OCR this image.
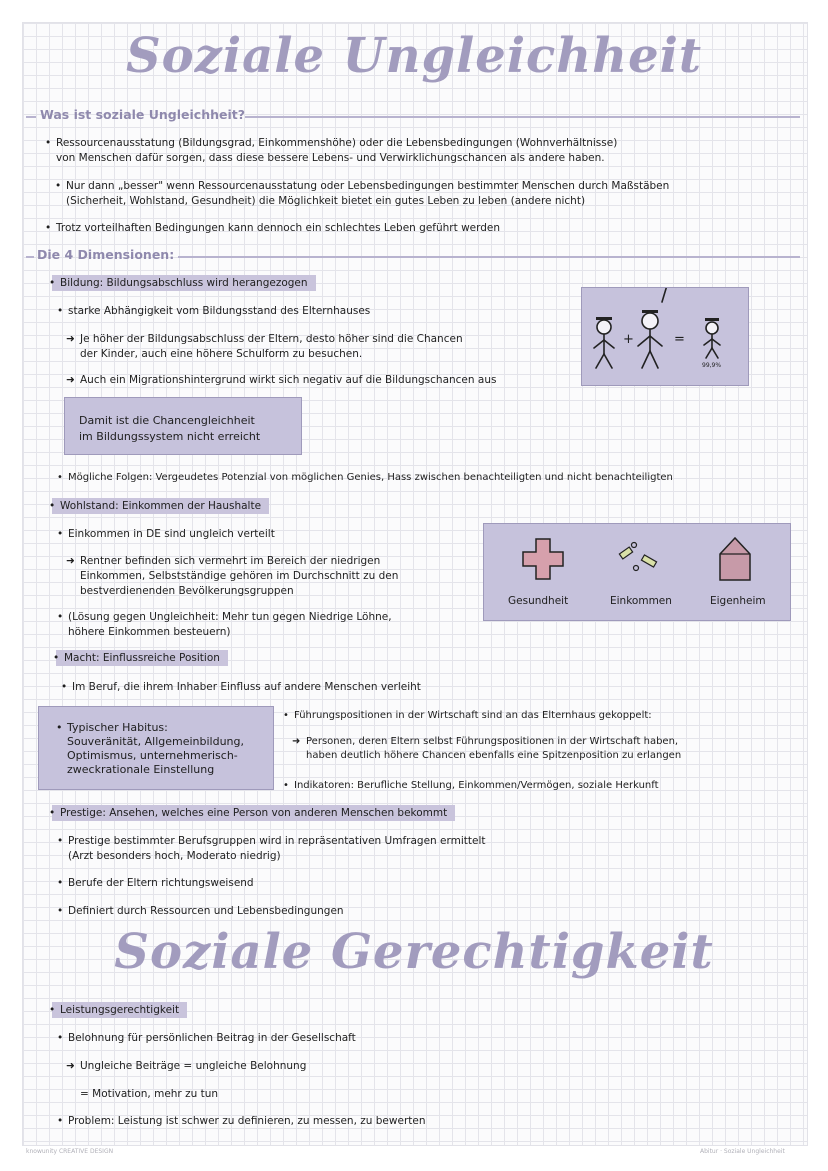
Soziale Ungleichheit
Was ist soziale Ungleichheit?
• Ressourcenausstatung (Bildungsgrad, Einkommenshöhe) oder die Lebensbedingungen (Wohnverhältnisse)
von Menschen dafür sorgen, dass diese bessere Lebens- und Verwirklichungschancen als andere haben.
• Nur dann „besser" wenn Ressourcenausstatung oder Lebensbedingungen bestimmter Menschen durch Maßstäben
(Sicherheit, Wohlstand, Gesundheit) die Möglichkeit bietet ein gutes Leben zu leben (andere nicht)
• Trotz vorteilhaften Bedingungen kann dennoch ein schlechtes Leben geführt werden
Die 4 Dimensionen:
• Bildung: Bildungsabschluss wird herangezogen
• starke Abhängigkeit vom Bildungsstand des Elternhauses
➜ Je höher der Bildungsabschluss der Eltern, desto höher sind die Chancen
der Kinder, auch eine höhere Schulform zu besuchen.
➜ Auch ein Migrationshintergrund wirkt sich negativ auf die Bildungschancen aus
Damit ist die Chancengleichheit
im Bildungssystem nicht erreicht
+	=
99,9%
• Mögliche Folgen: Vergeudetes Potenzial von möglichen Genies, Hass zwischen benachteiligten und nicht benachteiligten
• Wohlstand: Einkommen der Haushalte
• Einkommen in DE sind ungleich verteilt
➜ Rentner befinden sich vermehrt im Bereich der niedrigen
Einkommen, Selbstständige gehören im Durchschnitt zu den
bestverdienenden Bevölkerungsgruppen
• (Lösung gegen Ungleichheit: Mehr tun gegen Niedrige Löhne,
höhere Einkommen besteuern)
Gesundheit	Einkommen	Eigenheim
• Macht: Einflussreiche Position
• Im Beruf, die ihrem Inhaber Einfluss auf andere Menschen verleiht
• Typischer Habitus:
Souveränität, Allgemeinbildung,
Optimismus, unternehmerisch-
zweckrationale Einstellung
• Führungspositionen in der Wirtschaft sind an das Elternhaus gekoppelt:
➜ Personen, deren Eltern selbst Führungspositionen in der Wirtschaft haben,
haben deutlich höhere Chancen ebenfalls eine Spitzenposition zu erlangen
• Indikatoren: Berufliche Stellung, Einkommen/Vermögen, soziale Herkunft
• Prestige: Ansehen, welches eine Person von anderen Menschen bekommt
• Prestige bestimmter Berufsgruppen wird in repräsentativen Umfragen ermittelt
(Arzt besonders hoch, Moderato niedrig)
• Berufe der Eltern richtungsweisend
• Definiert durch Ressourcen und Lebensbedingungen
Soziale Gerechtigkeit
• Leistungsgerechtigkeit
• Belohnung für persönlichen Beitrag in der Gesellschaft
➜ Ungleiche Beiträge = ungleiche Belohnung
= Motivation, mehr zu tun
• Problem: Leistung ist schwer zu definieren, zu messen, zu bewerten
knowunity CREATIVE DESIGN	Abitur · Soziale Ungleichheit
